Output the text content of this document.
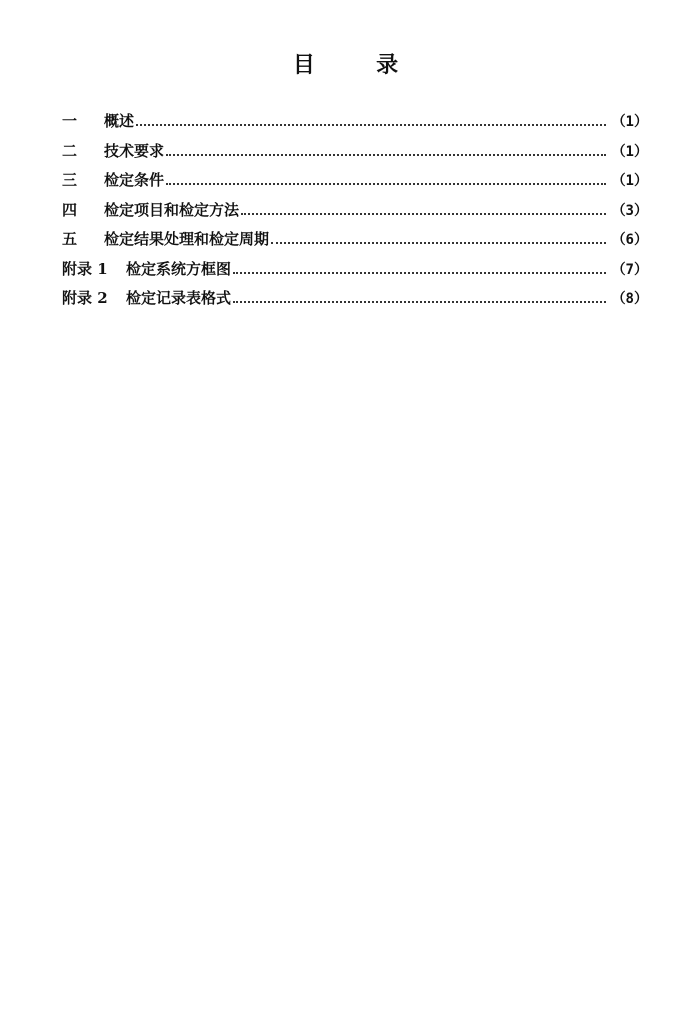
目        录
一	概述	（1）
二	技术要求	（1）
三	检定条件	（1）
四	检定项目和检定方法	（3）
五	检定结果处理和检定周期	（6）
附录 1	检定系统方框图	（7）
附录 2	检定记录表格式	（8）
